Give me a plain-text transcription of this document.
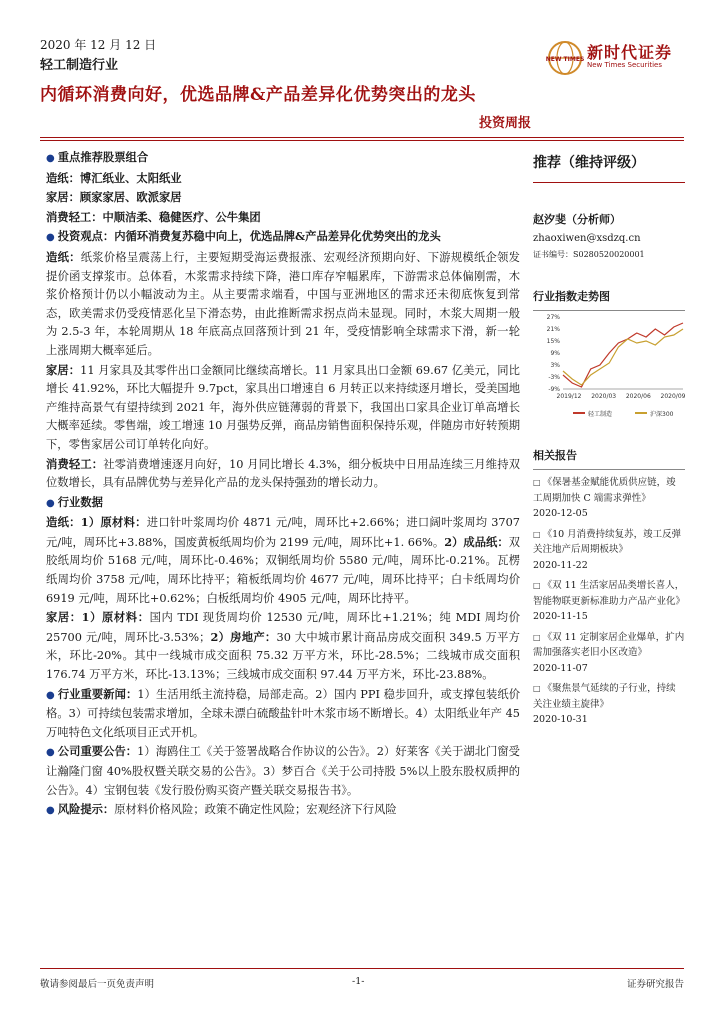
2020 年 12 月 12 日
轻工制造行业
内循环消费向好，优选品牌&产品差异化优势突出的龙头
投资周报
NEW TIMES 新时代证券
New Times Securities

● 重点推荐股票组合

造纸：博汇纸业、太阳纸业

家居：顾家家居、欧派家居

消费轻工：中顺洁柔、稳健医疗、公牛集团

● 投资观点：内循环消费复苏稳中向上，优选品牌&产品差异化优势突出的龙头

造纸：纸浆价格呈震荡上行，主要短期受海运费报涨、宏观经济预期向好、下游规模纸企领发提价函支撑浆市。总体看，木浆需求持续下降，港口库存窄幅累库，下游需求总体偏刚需，木浆价格预计仍以小幅波动为主。从主要需求端看，中国与亚洲地区的需求还未彻底恢复到常态，欧美需求仍受疫情恶化呈下滑态势，由此推断需求拐点尚未显现。同时，木浆大周期一般为 2.5-3 年，本轮周期从 18 年底高点回落预计到 21 年，受疫情影响全球需求下滑，新一轮上涨周期大概率延后。

家居：11 月家具及其零件出口金额同比继续高增长。11 月家具出口金额 69.67 亿美元，同比增长 41.92%，环比大幅提升 9.7pct，家具出口增速自 6 月转正以来持续逐月增长，受美国地产维持高景气有望持续到 2021 年，海外供应链薄弱的背景下，我国出口家具企业订单高增长大概率延续。零售端，竣工增速 10 月强势反弹，商品房销售面积保持乐观，伴随房市好转预期下，零售家居公司订单转化向好。

消费轻工：社零消费增速逐月向好，10 月同比增长 4.3%，细分板块中日用品连续三月维持双位数增长，具有品牌优势与差异化产品的龙头保持强劲的增长动力。

● 行业数据

造纸：1）原材料：进口针叶浆周均价 4871 元/吨，周环比+2.66%；进口阔叶浆周均 3707 元/吨，周环比+3.88%，国废黄板纸周均价为 2199 元/吨，周环比+1. 66%。2）成品纸：双胶纸周均价 5168 元/吨，周环比-0.46%；双铜纸周均价 5580 元/吨，周环比-0.21%。瓦楞纸周均价 3758 元/吨，周环比持平；箱板纸周均价 4677 元/吨，周环比持平；白卡纸周均价 6919 元/吨，周环比+0.62%；白板纸周均价 4905 元/吨，周环比持平。

家居：1）原材料：国内 TDI 现货周均价 12530 元/吨，周环比+1.21%；纯 MDI 周均价 25700 元/吨，周环比-3.53%；2）房地产：30 大中城市累计商品房成交面积 349.5 万平方米，环比-20%。其中一线城市成交面积 75.32 万平方米，环比-28.5%；二线城市成交面积 176.74 万平方米，环比-13.13%；三线城市成交面积 97.44 万平方米，环比-23.88%。

● 行业重要新闻：1）生活用纸主流持稳，局部走高。2）国内 PPI 稳步回升，或支撑包装纸价格。3）可持续包装需求增加，全球未漂白硫酸盐针叶木浆市场不断增长。4）太阳纸业年产 45 万吨特色文化纸项目正式开机。

● 公司重要公告：1）海鸥住工《关于签署战略合作协议的公告》。2）好莱客《关于湖北门窗受让瀚隆门窗 40%股权暨关联交易的公告》。3）梦百合《关于公司持股 5%以上股东股权质押的公告》。4）宝钢包装《发行股份购买资产暨关联交易报告书》。

● 风险提示：原材料价格风险；政策不确定性风险；宏观经济下行风险

推荐（维持评级）
赵汐斐（分析师）
zhaoxiwen@xsdzq.cn
证书编号：S0280520020001
行业指数走势图
27%
21%
15%
9%
3%
-3%
-9%
2019/12 2020/03 2020/06 2020/09
轻工制造	沪深300
相关报告
□ 《保暑基金赋能优质供应链，竣工周期加快 C 端需求弹性》
2020-12-05
□ 《10 月消费持续复苏，竣工反弹关注地产后周期板块》
2020-11-22
□ 《双 11 生活家居品类增长喜人，智能物联更新标准助力产品产业化》
2020-11-15
□ 《双 11 定制家居企业爆单，扩内需加强落实老旧小区改造》
2020-11-07
□ 《聚焦景气延续的子行业，持续关注业绩主旋律》
2020-10-31
敬请参阅最后一页免责声明	-1-	证券研究报告
